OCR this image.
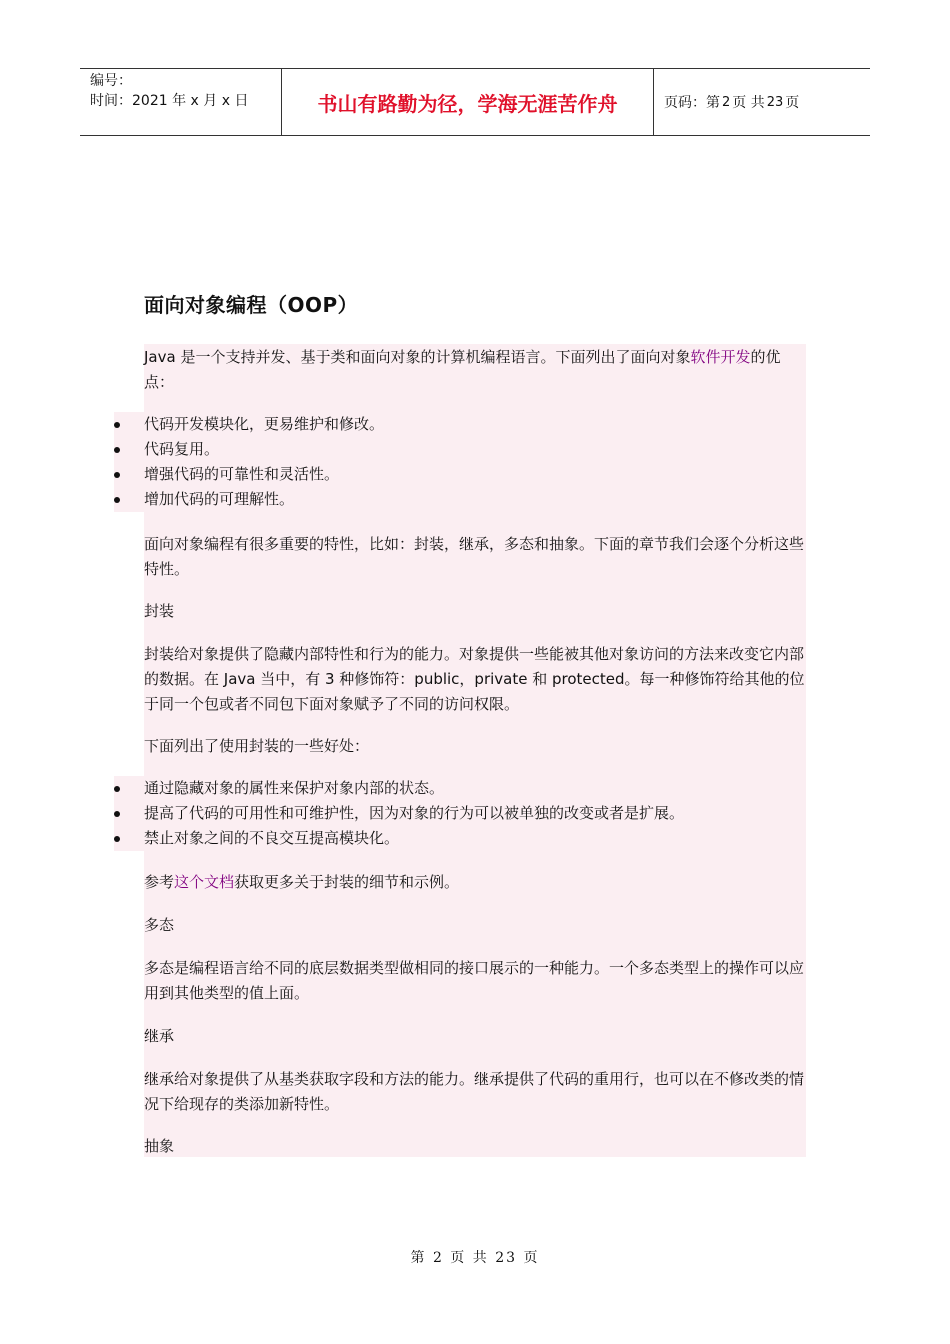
编号：
时间：2021 年 x 月 x 日	书山有路勤为径，学海无涯苦作舟	页码：第 2 页 共 23 页
面向对象编程（OOP）
Java 是一个支持并发、基于类和面向对象的计算机编程语言。下面列出了面向对象软件开发的优点：
代码开发模块化，更易维护和修改。
代码复用。
增强代码的可靠性和灵活性。
增加代码的可理解性。
面向对象编程有很多重要的特性，比如：封装，继承，多态和抽象。下面的章节我们会逐个分析这些特性。
封装
封装给对象提供了隐藏内部特性和行为的能力。对象提供一些能被其他对象访问的方法来改变它内部的数据。在 Java 当中，有 3 种修饰符：public，private 和 protected。每一种修饰符给其他的位于同一个包或者不同包下面对象赋予了不同的访问权限。
下面列出了使用封装的一些好处：
通过隐藏对象的属性来保护对象内部的状态。
提高了代码的可用性和可维护性，因为对象的行为可以被单独的改变或者是扩展。
禁止对象之间的不良交互提高模块化。
参考这个文档获取更多关于封装的细节和示例。
多态
多态是编程语言给不同的底层数据类型做相同的接口展示的一种能力。一个多态类型上的操作可以应用到其他类型的值上面。
继承
继承给对象提供了从基类获取字段和方法的能力。继承提供了代码的重用行，也可以在不修改类的情况下给现存的类添加新特性。
抽象
第 2 页 共 23 页
